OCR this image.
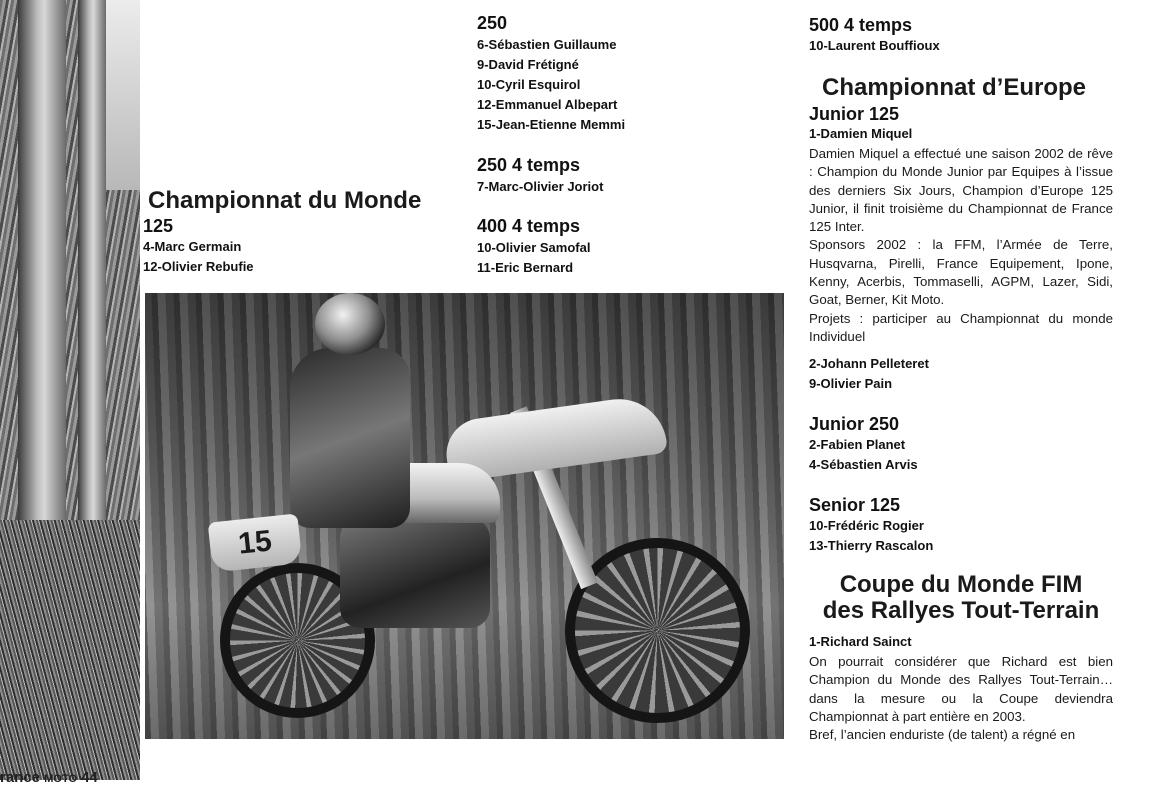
15
Championnat du Monde
125
4-Marc Germain
12-Olivier Rebufie
250
6-Sébastien Guillaume
9-David Frétigné
10-Cyril Esquirol
12-Emmanuel Albepart
15-Jean-Etienne Memmi
250 4 temps
7-Marc-Olivier Joriot
400 4 temps
10-Olivier Samofal
11-Eric Bernard
500 4 temps
10-Laurent Bouffioux
Championnat d’Europe
Junior 125
1-Damien Miquel
Damien Miquel a effectué une saison 2002 de rêve : Champion du Monde Junior par Equipes à l’issue des derniers Six Jours, Champion d’Europe 125 Junior, il finit troisième du Championnat de France 125 Inter.
Sponsors 2002 : la FFM, l’Armée de Terre, Husqvarna, Pirelli, France Equipement, Ipone, Kenny, Acerbis, Tommaselli, AGPM, Lazer, Sidi, Goat, Berner, Kit Moto.
Projets : participer au Championnat du monde Individuel
2-Johann Pelleteret
9-Olivier Pain
Junior 250
2-Fabien Planet
4-Sébastien Arvis
Senior 125
10-Frédéric Rogier
13-Thierry Rascalon
Coupe du Monde FIM
des Rallyes Tout-Terrain
1-Richard Sainct
On pourrait considérer que Richard est bien Champion du Monde des Rallyes Tout-Terrain… dans la mesure ou la Coupe deviendra Championnat à part entière en 2003.
Bref, l’ancien enduriste (de talent) a régné en
rance MOTO 44
